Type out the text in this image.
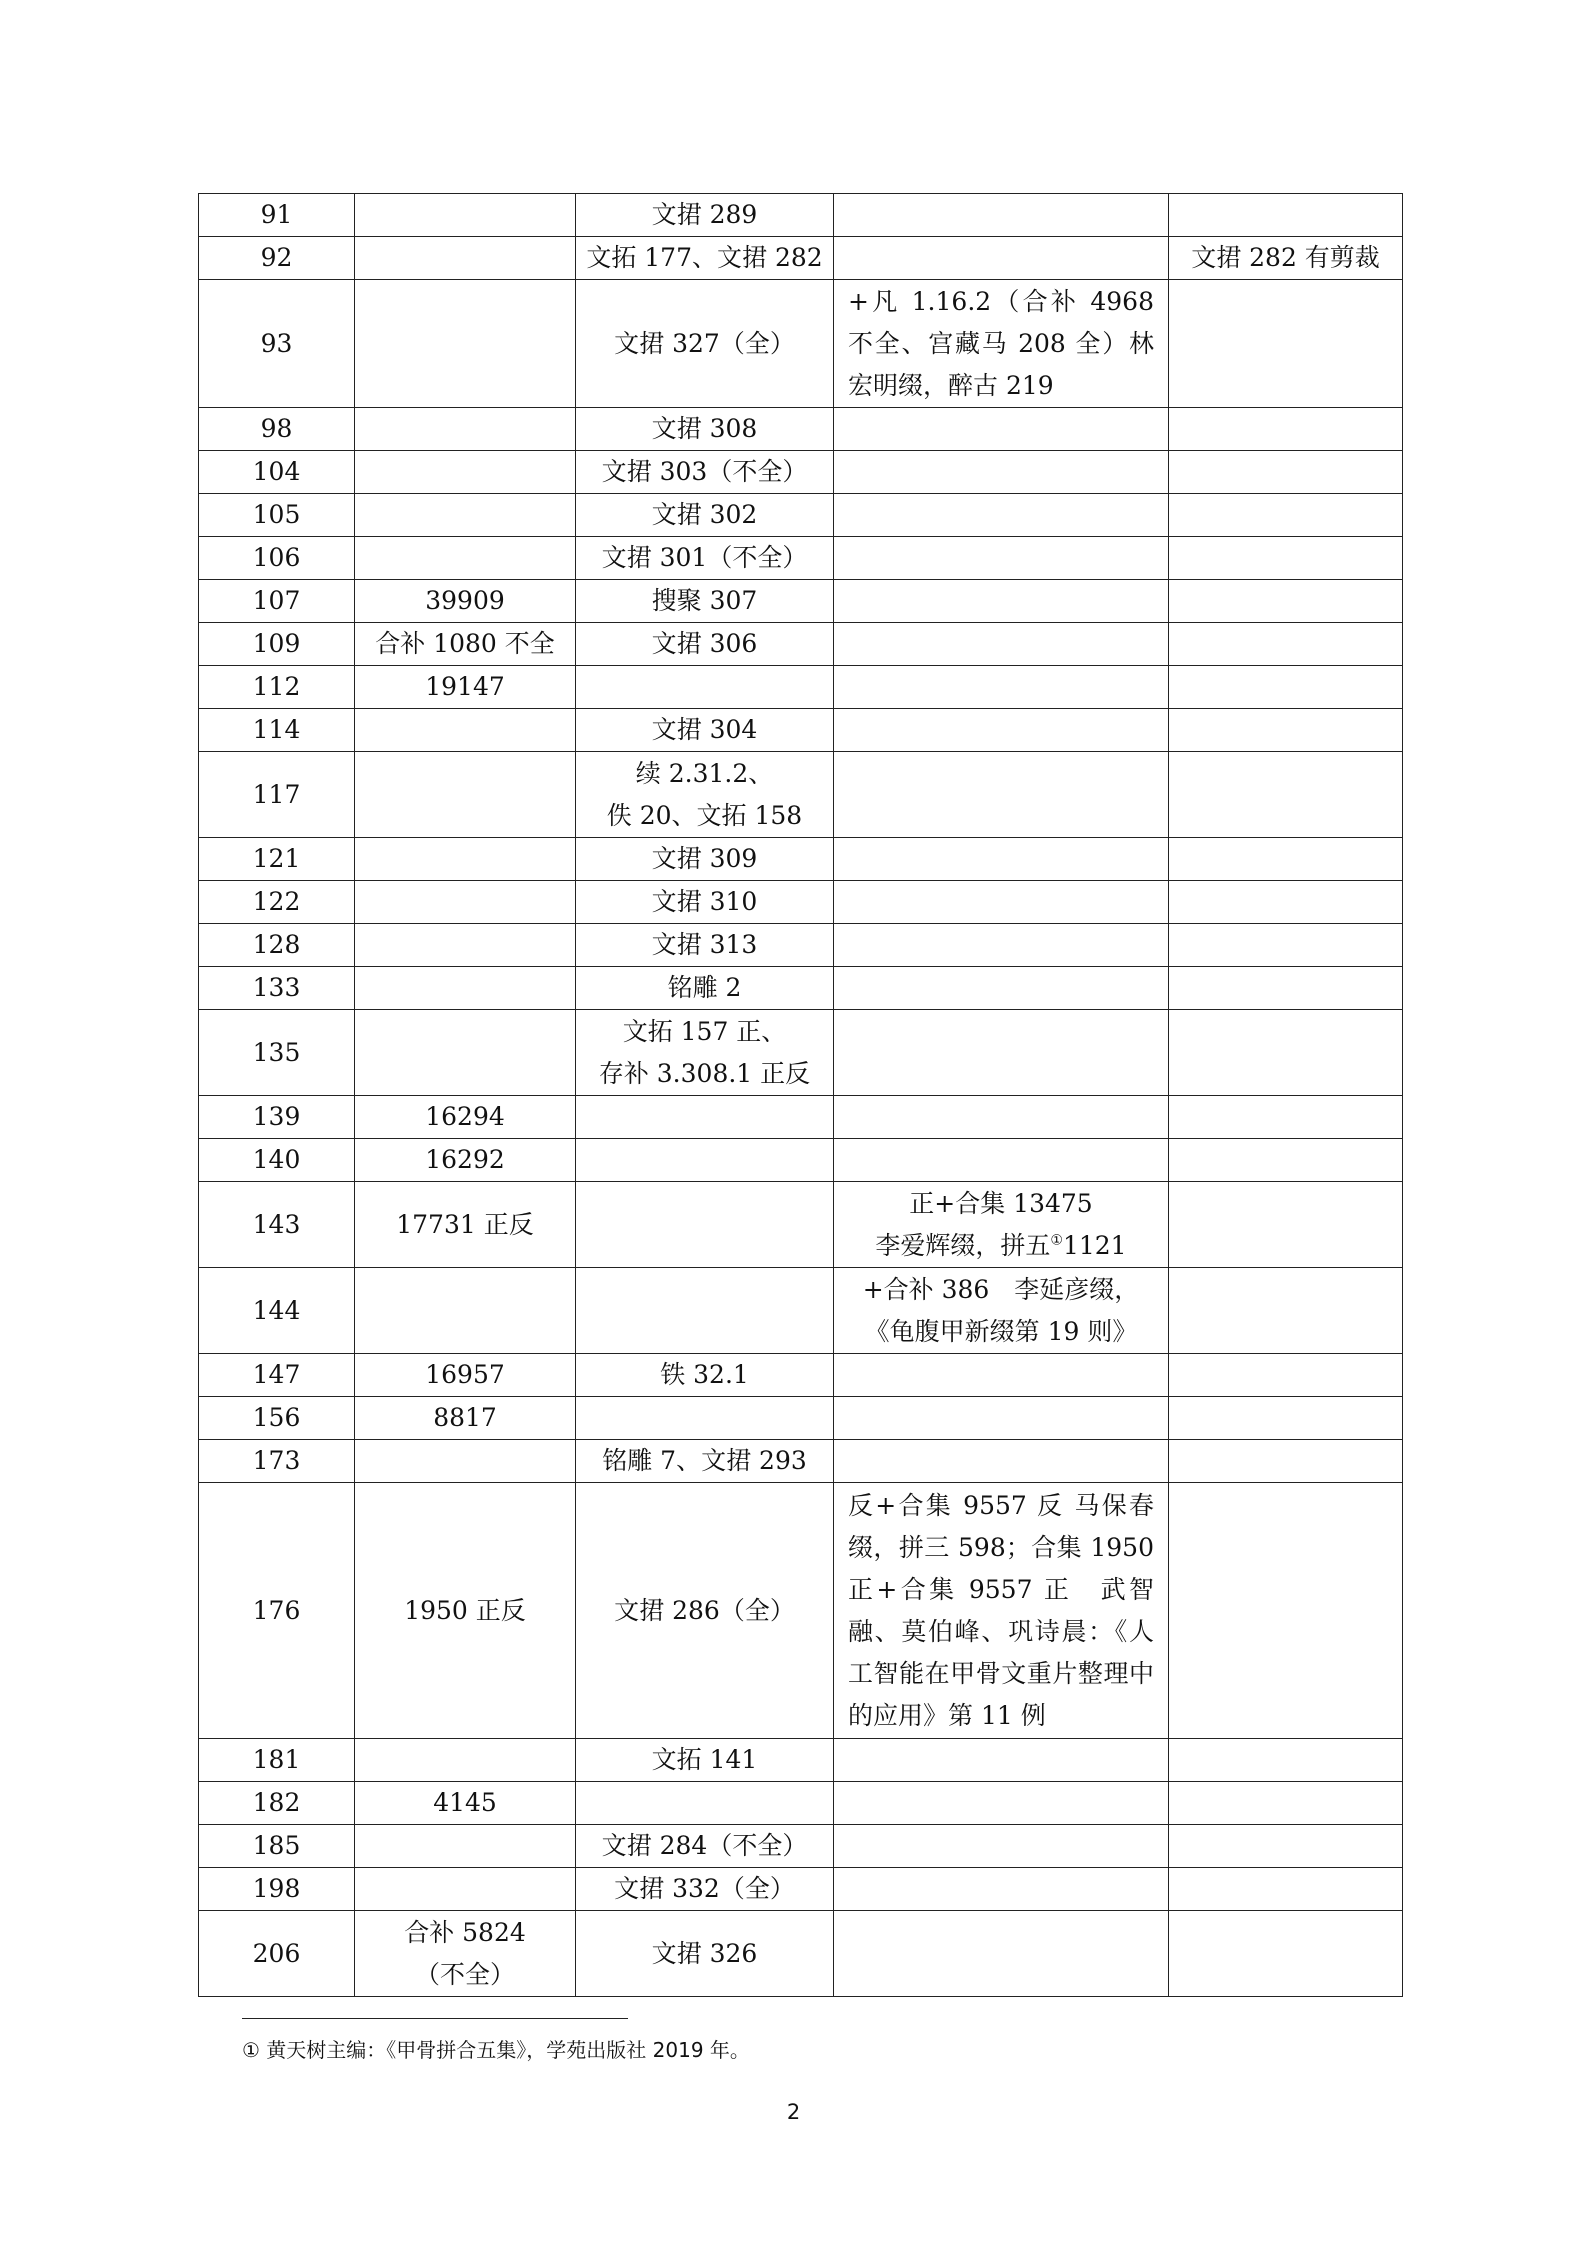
91		文捃 289		
92		文拓 177、文捃 282		文捃 282 有剪裁
93		文捃 327（全）	+凡 1.16.2（合补 4968 不全、宫藏马 208 全）林宏明缀，醉古 219	
98		文捃 308		
104		文捃 303（不全）		
105		文捃 302		
106		文捃 301（不全）		
107	39909	搜聚 307		
109	合补 1080 不全	文捃 306		
112	19147			
114		文捃 304		
117		续 2.31.2、
佚 20、文拓 158		
121		文捃 309		
122		文捃 310		
128		文捃 313		
133		铭雕 2		
135		文拓 157 正、
存补 3.308.1 正反		
139	16294			
140	16292			
143	17731 正反		正+合集 13475
李爱辉缀，拼五①1121	
144			+合补 386　李延彦缀，
《龟腹甲新缀第 19 则》	
147	16957	铁 32.1		
156	8817			
173		铭雕 7、文捃 293		
176	1950 正反	文捃 286（全）	反+合集 9557 反 马保春缀，拼三 598；合集 1950 正+合集 9557 正　武智融、莫伯峰、巩诗晨：《人工智能在甲骨文重片整理中的应用》第 11 例	
181		文拓 141		
182	4145			
185		文捃 284（不全）		
198		文捃 332（全）		
206	合补 5824
（不全）	文捃 326		
① 黄天树主编：《甲骨拼合五集》，学苑出版社 2019 年。
2
